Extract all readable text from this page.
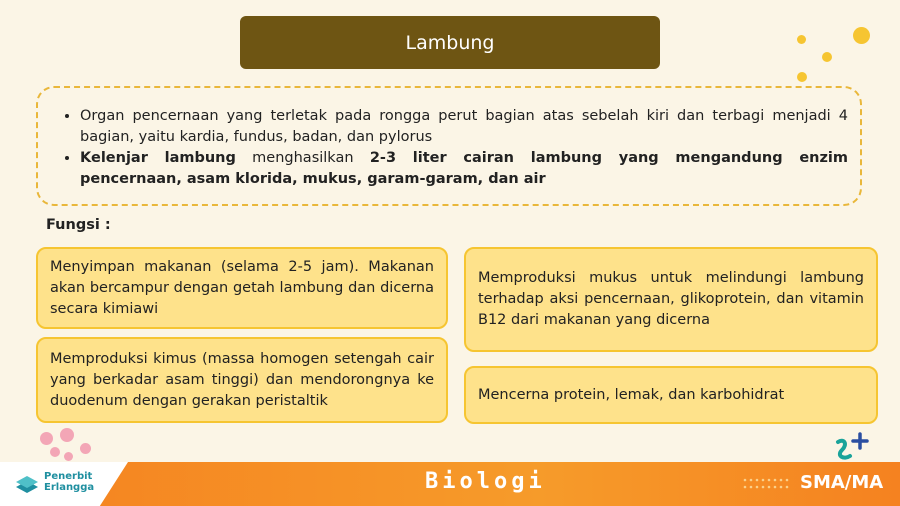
Lambung
• Organ pencernaan yang terletak pada rongga perut bagian atas sebelah kiri dan terbagi menjadi 4 bagian, yaitu kardia, fundus, badan, dan pylorus
• Kelenjar lambung menghasilkan 2-3 liter cairan lambung yang mengandung enzim pencernaan, asam klorida, mukus, garam-garam, dan air
Fungsi :
Menyimpan makanan (selama 2-5 jam). Makanan akan bercampur dengan getah lambung dan dicerna secara kimiawi
Memproduksi kimus (massa homogen setengah cair yang berkadar asam tinggi) dan mendorongnya ke duodenum dengan gerakan peristaltik
Memproduksi mukus untuk melindungi lambung terhadap aksi pencernaan, glikoprotein, dan vitamin B12 dari makanan yang dicerna
Mencerna protein, lemak, dan karbohidrat
Penerbit
Erlangga	Biologi	SMA/MA
